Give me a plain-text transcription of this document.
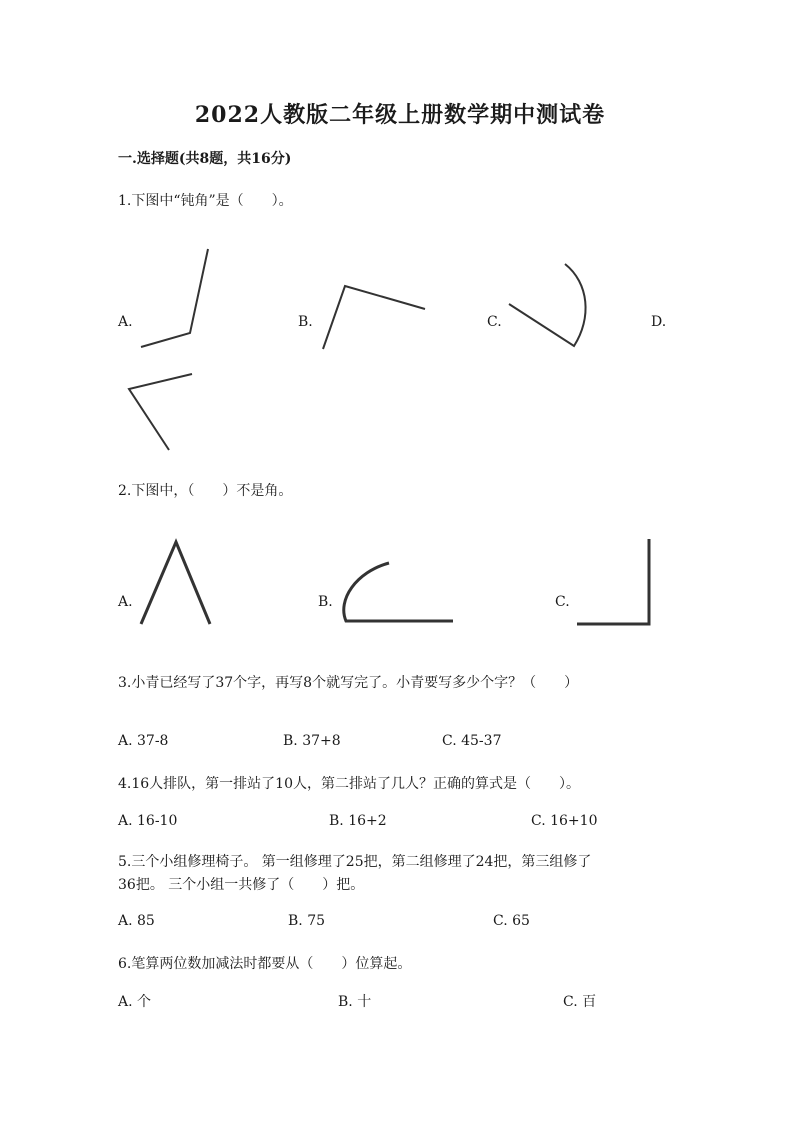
2022人教版二年级上册数学期中测试卷
一.选择题(共8题，共16分)
1.下图中“钝角”是（　　）。
A.	B.	C.	D.
2.下图中，（　　）不是角。
A.	B.	C.
3.小青已经写了37个字，再写8个就写完了。小青要写多少个字？（　　）
A. 37-8	B. 37+8	C. 45-37
4.16人排队，第一排站了10人，第二排站了几人？正确的算式是（　　）。
A. 16-10	B. 16+2	C. 16+10
5.三个小组修理椅子。 第一组修理了25把，第二组修理了24把，第三组修了
36把。 三个小组一共修了（　　）把。
A. 85	B. 75	C. 65
6.笔算两位数加减法时都要从（　　）位算起。
A. 个	B. 十	C. 百
